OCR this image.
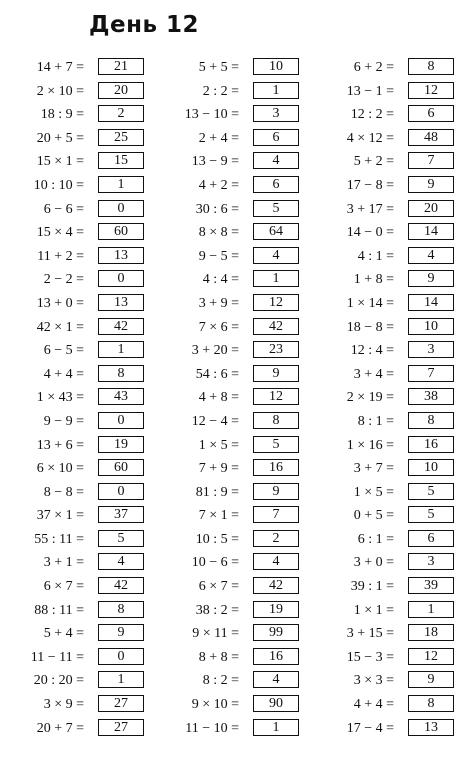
День 12
14 + 7 =	21
2 × 10 =	20
18 : 9 =	2
20 + 5 =	25
15 × 1 =	15
10 : 10 =	1
6 − 6 =	0
15 × 4 =	60
11 + 2 =	13
2 − 2 =	0
13 + 0 =	13
42 × 1 =	42
6 − 5 =	1
4 + 4 =	8
1 × 43 =	43
9 − 9 =	0
13 + 6 =	19
6 × 10 =	60
8 − 8 =	0
37 × 1 =	37
55 : 11 =	5
3 + 1 =	4
6 × 7 =	42
88 : 11 =	8
5 + 4 =	9
11 − 11 =	0
20 : 20 =	1
3 × 9 =	27
20 + 7 =	27
5 + 5 =	10
2 : 2 =	1
13 − 10 =	3
2 + 4 =	6
13 − 9 =	4
4 + 2 =	6
30 : 6 =	5
8 × 8 =	64
9 − 5 =	4
4 : 4 =	1
3 + 9 =	12
7 × 6 =	42
3 + 20 =	23
54 : 6 =	9
4 + 8 =	12
12 − 4 =	8
1 × 5 =	5
7 + 9 =	16
81 : 9 =	9
7 × 1 =	7
10 : 5 =	2
10 − 6 =	4
6 × 7 =	42
38 : 2 =	19
9 × 11 =	99
8 + 8 =	16
8 : 2 =	4
9 × 10 =	90
11 − 10 =	1
6 + 2 =	8
13 − 1 =	12
12 : 2 =	6
4 × 12 =	48
5 + 2 =	7
17 − 8 =	9
3 + 17 =	20
14 − 0 =	14
4 : 1 =	4
1 + 8 =	9
1 × 14 =	14
18 − 8 =	10
12 : 4 =	3
3 + 4 =	7
2 × 19 =	38
8 : 1 =	8
1 × 16 =	16
3 + 7 =	10
1 × 5 =	5
0 + 5 =	5
6 : 1 =	6
3 + 0 =	3
39 : 1 =	39
1 × 1 =	1
3 + 15 =	18
15 − 3 =	12
3 × 3 =	9
4 + 4 =	8
17 − 4 =	13
